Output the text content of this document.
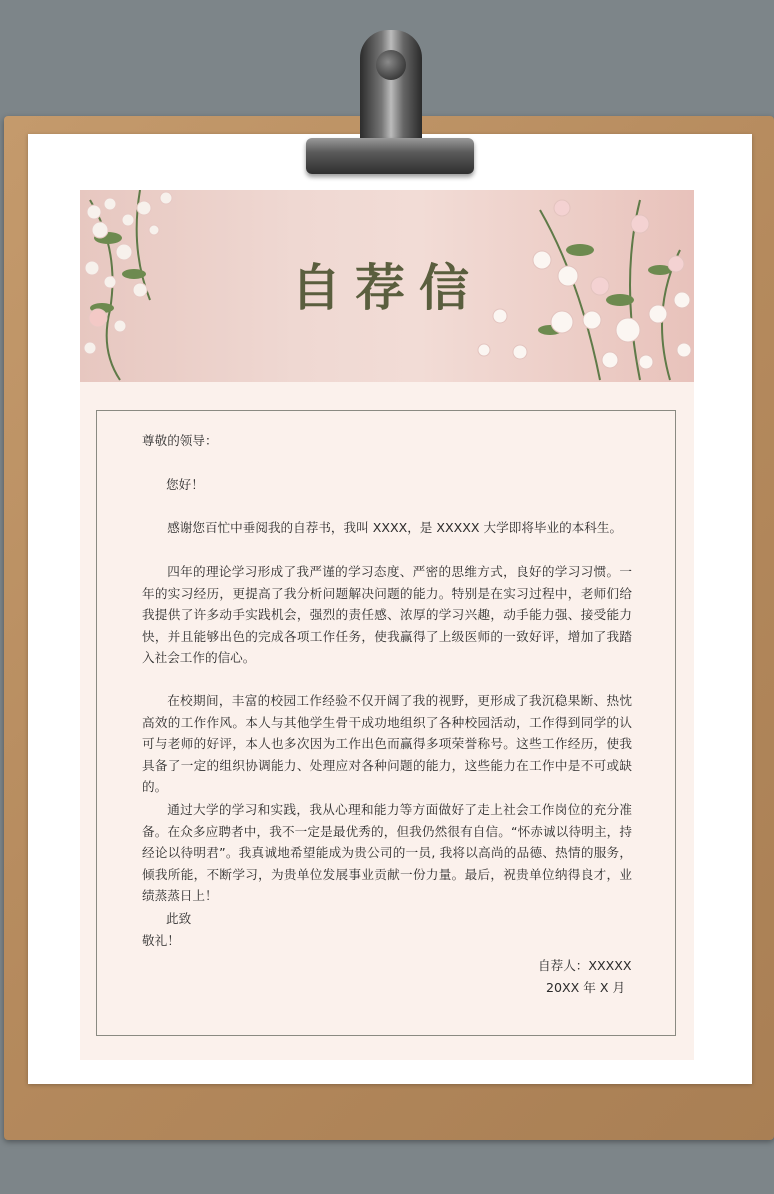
自荐信
尊敬的领导：
您好！
感谢您百忙中垂阅我的自荐书，我叫 XXXX，是 XXXXX 大学即将毕业的本科生。
四年的理论学习形成了我严谨的学习态度、严密的思维方式，良好的学习习惯。一年的实习经历，更提高了我分析问题解决问题的能力。特别是在实习过程中，老师们给我提供了许多动手实践机会，强烈的责任感、浓厚的学习兴趣，动手能力强、接受能力快，并且能够出色的完成各项工作任务，使我赢得了上级医师的一致好评，增加了我踏入社会工作的信心。
在校期间，丰富的校园工作经验不仅开阔了我的视野，更形成了我沉稳果断、热忱高效的工作作风。本人与其他学生骨干成功地组织了各种校园活动，工作得到同学的认可与老师的好评，本人也多次因为工作出色而赢得多项荣誉称号。这些工作经历，使我具备了一定的组织协调能力、处理应对各种问题的能力，这些能力在工作中是不可或缺的。
通过大学的学习和实践，我从心理和能力等方面做好了走上社会工作岗位的充分准备。在众多应聘者中，我不一定是最优秀的，但我仍然很有自信。“怀赤诚以待明主，持经论以待明君”。我真诚地希望能成为贵公司的一员, 我将以高尚的品德、热情的服务，倾我所能，不断学习，为贵单位发展事业贡献一份力量。最后，祝贵单位纳得良才，业绩蒸蒸日上！
此致
敬礼！
自荐人：XXXXX
20XX 年 X 月
